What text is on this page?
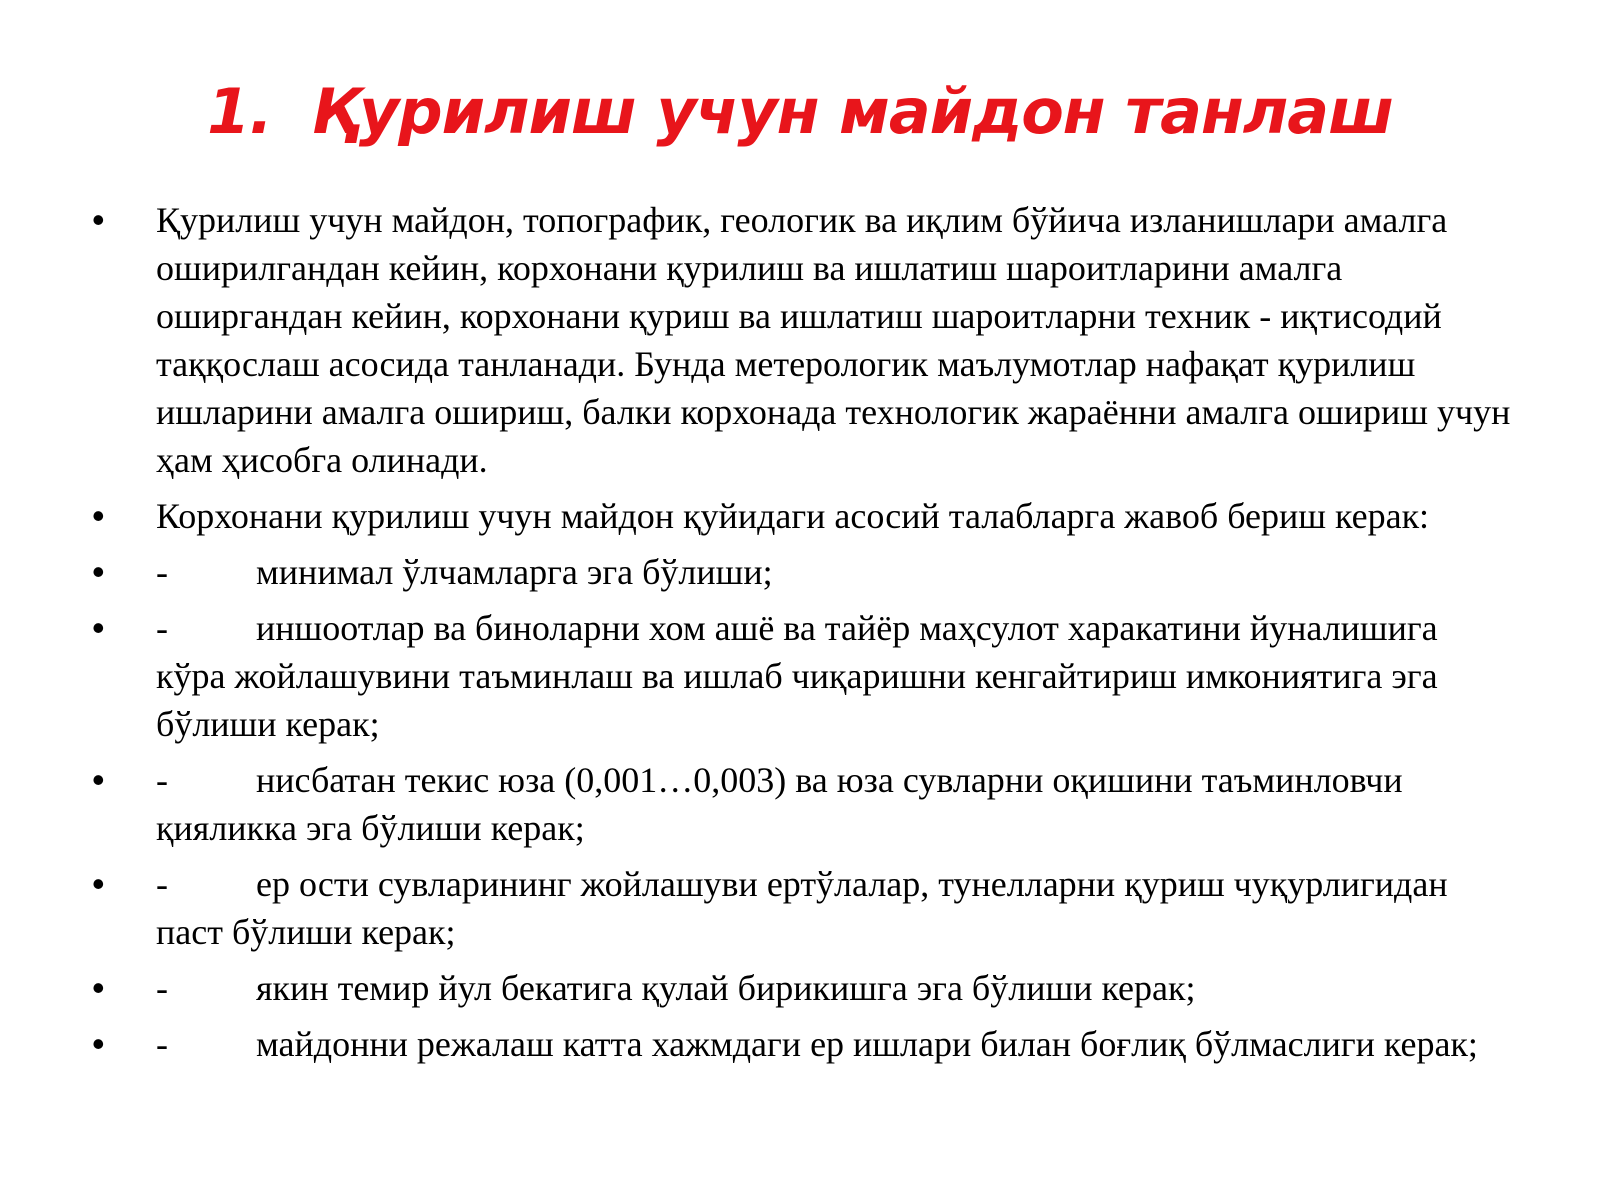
1. Қурилиш учун майдон танлаш
• Қурилиш учун майдон, топографик, геологик ва иқлим бўйича изланишлари амалга оширилгандан кейин, корхонани қурилиш ва ишлатиш шароитларини амалга оширгандан кейин, корхонани қуриш ва ишлатиш шароитларни техник - иқтисодий таққослаш асосида танланади. Бунда метерологик маълумотлар нафақат қурилиш ишларини амалга ошириш, балки корхонада технологик жараённи амалга ошириш учун ҳам ҳисобга олинади.
• Корхонани қурилиш учун майдон қуйидаги асосий талабларга жавоб бериш керак:
• - минимал ўлчамларга эга бўлиши;
• - иншоотлар ва биноларни хом ашё ва тайёр маҳсулот харакатини йуналишига кўра жойлашувини таъминлаш ва ишлаб чиқаришни кенгайтириш имкониятига эга бўлиши керак;
• - нисбатан текис юза (0,001…0,003) ва юза сувларни оқишини таъминловчи қияликка эга бўлиши керак;
• - ер ости сувларининг жойлашуви ертўлалар, тунелларни қуриш чуқурлигидан паст бўлиши керак;
• - якин темир йул бекатига қулай бирикишга эга бўлиши керак;
• - майдонни режалаш катта хажмдаги ер ишлари билан боғлиқ бўлмаслиги керак;
